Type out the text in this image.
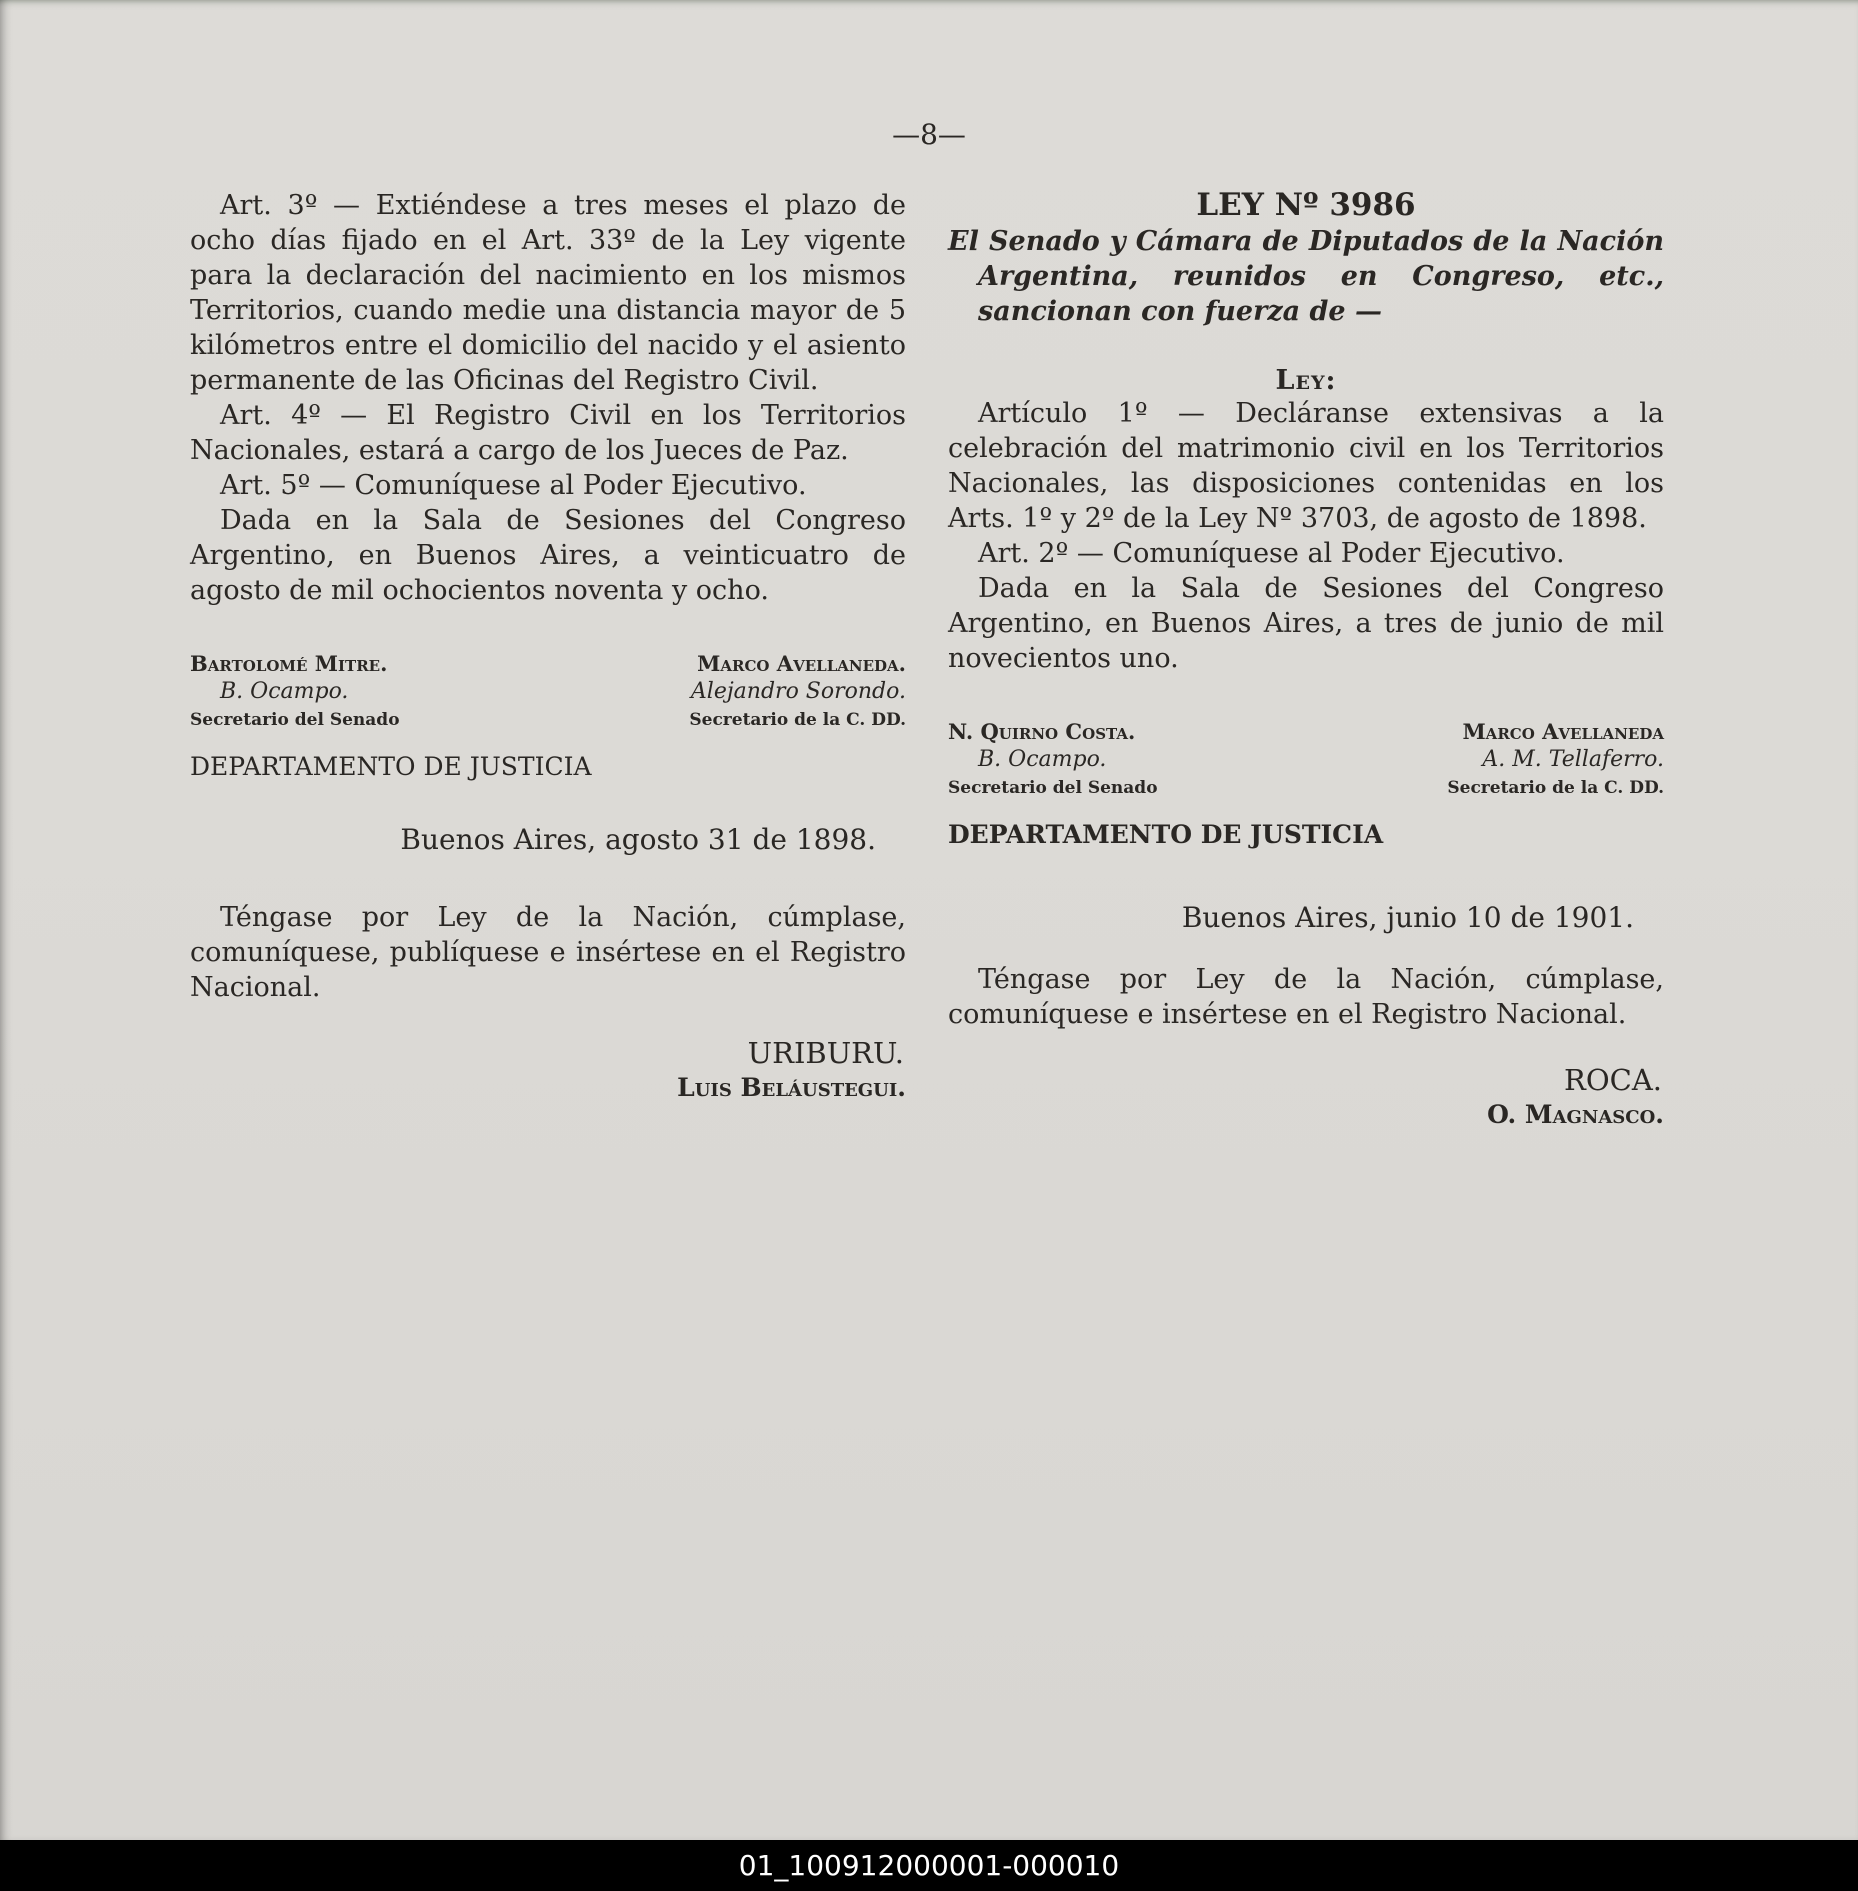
—8—

Art. 3º — Extiéndese a tres meses el plazo de ocho días fijado en el Art. 33º de la Ley vigente para la declaración del nacimiento en los mismos Territorios, cuando medie una distancia mayor de 5 kilómetros entre el domicilio del nacido y el asiento permanente de las Oficinas del Registro Civil.

Art. 4º — El Registro Civil en los Territorios Nacionales, estará a cargo de los Jueces de Paz.

Art. 5º — Comuníquese al Poder Ejecutivo.

Dada en la Sala de Sesiones del Congreso Argentino, en Buenos Aires, a veinticuatro de agosto de mil ochocientos noventa y ocho.

Bartolomé Mitre.
B. Ocampo.
Secretario del Senado
Marco Avellaneda.
Alejandro Sorondo.
Secretario de la C. DD.
DEPARTAMENTO DE JUSTICIA
Buenos Aires, agosto 31 de 1898.

Téngase por Ley de la Nación, cúmplase, comuníquese, publíquese e insértese en el Registro Nacional.

URIBURU.
Luis Beláustegui.
LEY Nº 3986
El Senado y Cámara de Diputados de la Nación Argentina, reunidos en Congreso, etc., sancionan con fuerza de —
Ley:

Artículo 1º — Decláranse extensivas a la celebración del matrimonio civil en los Territorios Nacionales, las disposiciones contenidas en los Arts. 1º y 2º de la Ley Nº 3703, de agosto de 1898.

Art. 2º — Comuníquese al Poder Ejecutivo.

Dada en la Sala de Sesiones del Congreso Argentino, en Buenos Aires, a tres de junio de mil novecientos uno.

N. Quirno Costa.
B. Ocampo.
Secretario del Senado
Marco Avellaneda
A. M. Tellaferro.
Secretario de la C. DD.
DEPARTAMENTO DE JUSTICIA
Buenos Aires, junio 10 de 1901.

Téngase por Ley de la Nación, cúmplase, comuníquese e insértese en el Registro Nacional.

ROCA.
O. Magnasco.
01_100912000001-000010
